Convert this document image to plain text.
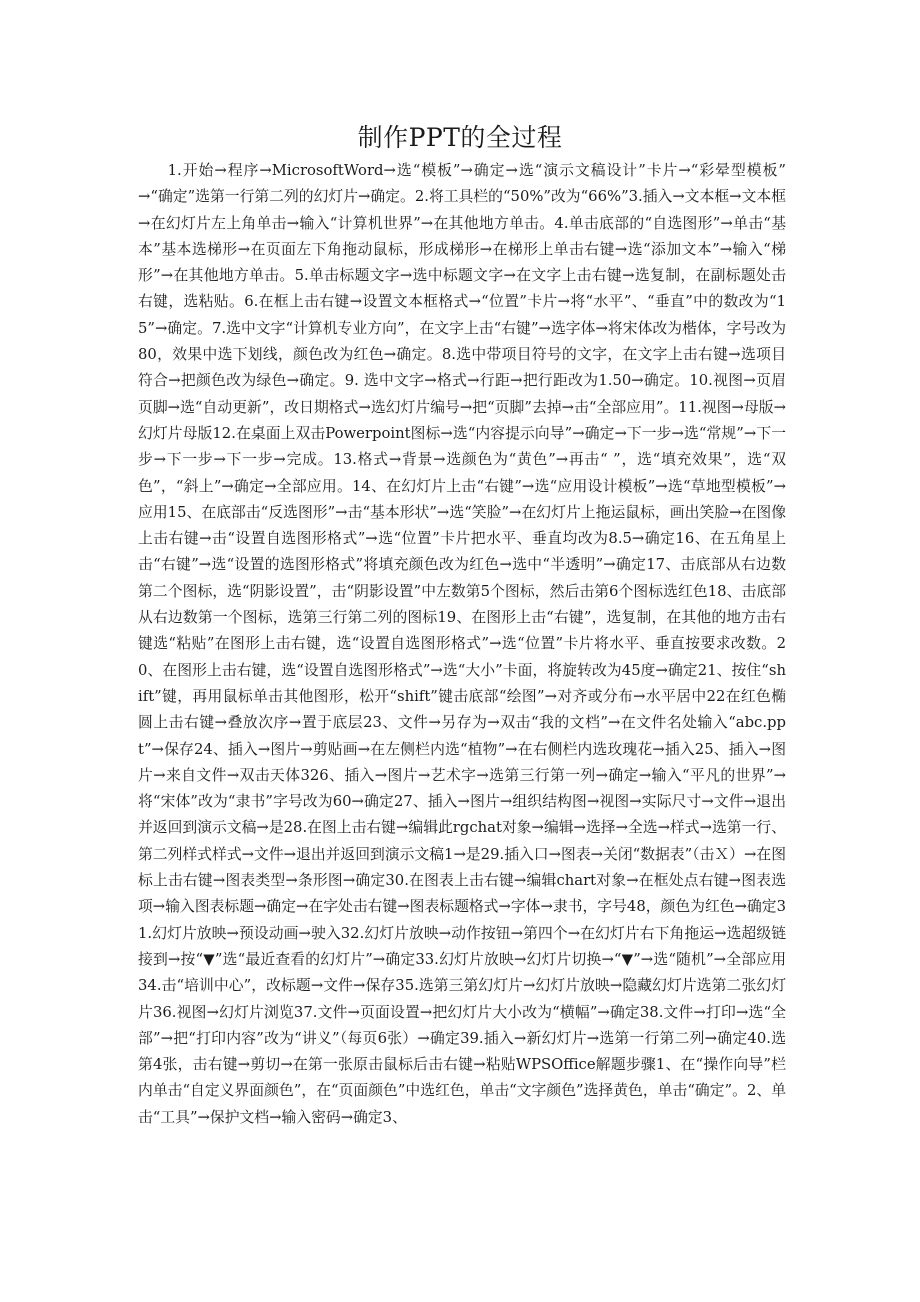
制作PPT的全过程
1.开始→程序→MicrosoftWord→选“模板”→确定→选“演示文稿设计”卡片→“彩晕型模板” →“确定”选第一行第二列的幻灯片→确定。2.将工具栏的“50%”改为“66%”3.插入→文本框→文本框→在幻灯片左上角单击→输入“计算机世界”→在其他地方单击。4.单击底部的“自选图形”→单击“基本”基本选梯形→在页面左下角拖动鼠标，形成梯形→在梯形上单击右键→选“添加文本”→输入“梯形”→在其他地方单击。5.单击标题文字→选中标题文字→在文字上击右键→选复制，在副标题处击右键，选粘贴。6.在框上击右键→设置文本框格式→“位置”卡片→将“水平”、“垂直”中的数改为“15”→确定。7.选中文字“计算机专业方向”，在文字上击“右键”→选字体→将宋体改为楷体，字号改为80，效果中选下划线，颜色改为红色→确定。8.选中带项目符号的文字，在文字上击右键→选项目符合→把颜色改为绿色→确定。9. 选中文字→格式→行距→把行距改为1.50→确定。10.视图→页眉页脚→选“自动更新”，改日期格式→选幻灯片编号→把“页脚”去掉→击“全部应用”。11.视图→母版→幻灯片母版12.在桌面上双击Powerpoint图标→选“内容提示向导”→确定→下一步→选“常规”→下一步→下一步→下一步→完成。13.格式→背景→选颜色为“黄色”→再击“ ”，选“填充效果”，选“双色”，“斜上”→确定→全部应用。14、在幻灯片上击“右键”→选“应用设计模板”→选“草地型模板”→应用15、在底部击“反选图形”→击“基本形状”→选“笑脸”→在幻灯片上拖运鼠标，画出笑脸→在图像上击右键→击“设置自选图形格式”→选“位置”卡片把水平、垂直均改为8.5→确定16、在五角星上击“右键”→选“设置的选图形格式”将填充颜色改为红色→选中“半透明”→确定17、击底部从右边数第二个图标，选“阴影设置”，击“阴影设置”中左数第5个图标，然后击第6个图标选红色18、击底部从右边数第一个图标，选第三行第二列的图标19、在图形上击“右键”，选复制，在其他的地方击右键选“粘贴”在图形上击右键，选“设置自选图形格式”→选“位置”卡片将水平、垂直按要求改数。20、在图形上击右键，选“设置自选图形格式”→选“大小”卡面，将旋转改为45度→确定21、按住“shift”键，再用鼠标单击其他图形，松开“shift”键击底部“绘图”→对齐或分布→水平居中22在红色椭圆上击右键→叠放次序→置于底层23、文件→另存为→双击“我的文档”→在文件名处输入“abc.ppt”→保存24、插入→图片→剪贴画→在左侧栏内选“植物”→在右侧栏内选玫瑰花→插入25、插入→图片→来自文件→双击天体326、插入→图片→艺术字→选第三行第一列→确定→输入“平凡的世界”→将“宋体”改为“隶书”字号改为60→确定27、插入→图片→组织结构图→视图→实际尺寸→文件→退出并返回到演示文稿→是28.在图上击右键→编辑此rgchat对象→编辑→选择→全选→样式→选第一行、第二列样式样式→文件→退出并返回到演示文稿1→是29.插入口→图表→关闭“数据表”（击Ｘ）→在图标上击右键→图表类型→条形图→确定30.在图表上击右键→编辑chart对象→在框处点右键→图表选项→输入图表标题→确定→在字处击右键→图表标题格式→字体→隶书，字号48，颜色为红色→确定31.幻灯片放映→预设动画→驶入32.幻灯片放映→动作按钮→第四个→在幻灯片右下角拖运→选超级链接到→按“▼”选“最近查看的幻灯片”→确定33.幻灯片放映→幻灯片切换→“▼”→选“随机”→全部应用34.击“培训中心”，改标题→文件→保存35.选第三第幻灯片→幻灯片放映→隐藏幻灯片选第二张幻灯片36.视图→幻灯片浏览37.文件→页面设置→把幻灯片大小改为“横幅”→确定38.文件→打印→选“全部”→把“打印内容”改为“讲义”（每页6张）→确定39.插入→新幻灯片→选第一行第二列→确定40.选第4张，击右键→剪切→在第一张原击鼠标后击右键→粘贴WPSOffice解题步骤1、在“操作向导”栏内单击“自定义界面颜色”，在“页面颜色”中选红色，单击“文字颜色”选择黄色，单击“确定”。2、单击“工具”→保护文档→输入密码→确定3、
